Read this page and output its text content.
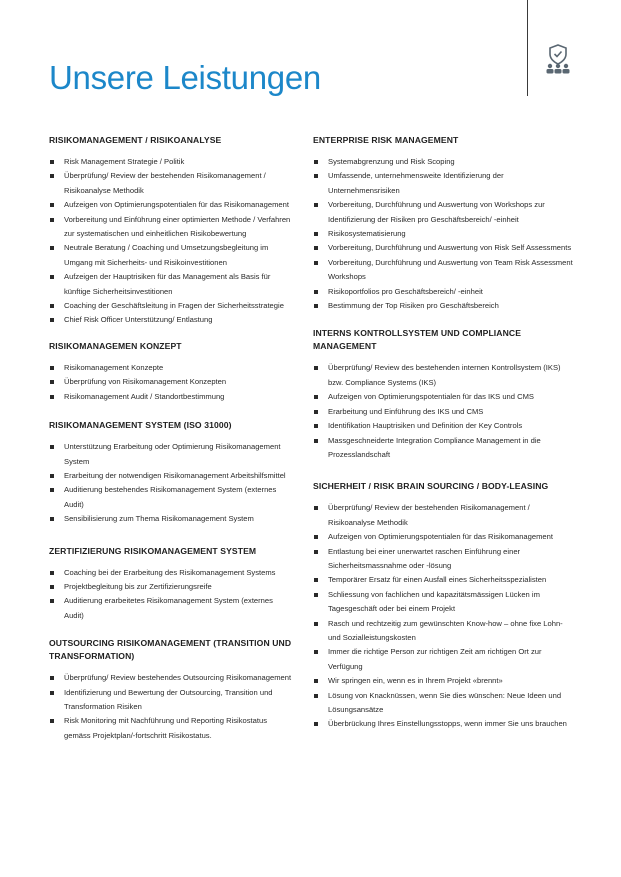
Unsere Leistungen
RISIKOMANAGEMENT / RISIKOANALYSE
Risk Management Strategie / Politik
Überprüfung/ Review der bestehenden Risikomanagement / Risikoanalyse Methodik
Aufzeigen von Optimierungspotentialen für das Risikomanagement
Vorbereitung und Einführung einer optimierten Methode / Verfahren zur systematischen und einheitlichen Risikobewertung
Neutrale Beratung / Coaching und Umsetzungsbegleitung im Umgang mit Sicherheits- und Risikoinvestitionen
Aufzeigen der Hauptrisiken für das Management als Basis für künftige Sicherheitsinvestitionen
Coaching der Geschäftsleitung in Fragen der Sicherheitsstrategie
Chief Risk Officer Unterstützung/ Entlastung
RISIKOMANAGEMEN KONZEPT
Risikomanagement Konzepte
Überprüfung von Risikomanagement Konzepten
Risikomanagement Audit / Standortbestimmung
RISIKOMANAGEMENT SYSTEM (ISO 31000)
Unterstützung Erarbeitung oder Optimierung Risikomanagement System
Erarbeitung der notwendigen Risikomanagement Arbeitshilfsmittel
Auditierung bestehendes Risikomanagement System (externes Audit)
Sensibilisierung zum Thema Risikomanagement System
ZERTIFIZIERUNG RISIKOMANAGEMENT SYSTEM
Coaching bei der Erarbeitung des Risikomanagement Systems
Projektbegleitung bis zur Zertifizierungsreife
Auditierung erarbeitetes Risikomanagement System (externes Audit)
OUTSOURCING RISIKOMANAGEMENT (TRANSITION UND TRANSFORMATION)
Überprüfung/ Review bestehendes Outsourcing Risikomanagement
Identifizierung und Bewertung der Outsourcing, Transition und Transformation Risiken
Risk Monitoring mit Nachführung und Reporting Risikostatus gemäss Projektplan/-fortschritt Risikostatus.
ENTERPRISE RISK MANAGEMENT
Systemabgrenzung und Risk Scoping
Umfassende, unternehmensweite Identifizierung der Unternehmensrisiken
Vorbereitung, Durchführung und Auswertung von Workshops zur Identifizierung der Risiken pro Geschäftsbereich/ -einheit
Risikosystematisierung
Vorbereitung, Durchführung und Auswertung von Risk Self Assessments
Vorbereitung, Durchführung und Auswertung von Team Risk Assessment Workshops
Risikoportfolios pro Geschäftsbereich/ -einheit
Bestimmung der Top Risiken pro Geschäftsbereich
INTERNS KONTROLLSYSTEM UND COMPLIANCE MANAGEMENT
Überprüfung/ Review des bestehenden internen Kontrollsystem (IKS) bzw. Compliance Systems (IKS)
Aufzeigen von Optimierungspotentialen für das IKS und CMS
Erarbeitung und Einführung des IKS und CMS
Identifikation Hauptrisiken und Definition der Key Controls
Massgeschneiderte Integration Compliance Management in die Prozesslandschaft
SICHERHEIT / RISK BRAIN SOURCING / BODY-LEASING
Überprüfung/ Review der bestehenden Risikomanagement / Risikoanalyse Methodik
Aufzeigen von Optimierungspotentialen für das Risikomanagement
Entlastung bei einer unerwartet raschen Einführung einer Sicherheitsmassnahme oder -lösung
Temporärer Ersatz für einen Ausfall eines Sicherheitsspezialisten
Schliessung von fachlichen und kapazitätsmässigen Lücken im Tagesgeschäft oder bei einem Projekt
Rasch und rechtzeitig zum gewünschten Know-how – ohne fixe Lohn- und Sozialleistungskosten
Immer die richtige Person zur richtigen Zeit am richtigen Ort zur Verfügung
Wir springen ein, wenn es in Ihrem Projekt «brennt»
Lösung von Knacknüssen, wenn Sie dies wünschen: Neue Ideen und Lösungsansätze
Überbrückung Ihres Einstellungsstopps, wenn immer Sie uns brauchen
